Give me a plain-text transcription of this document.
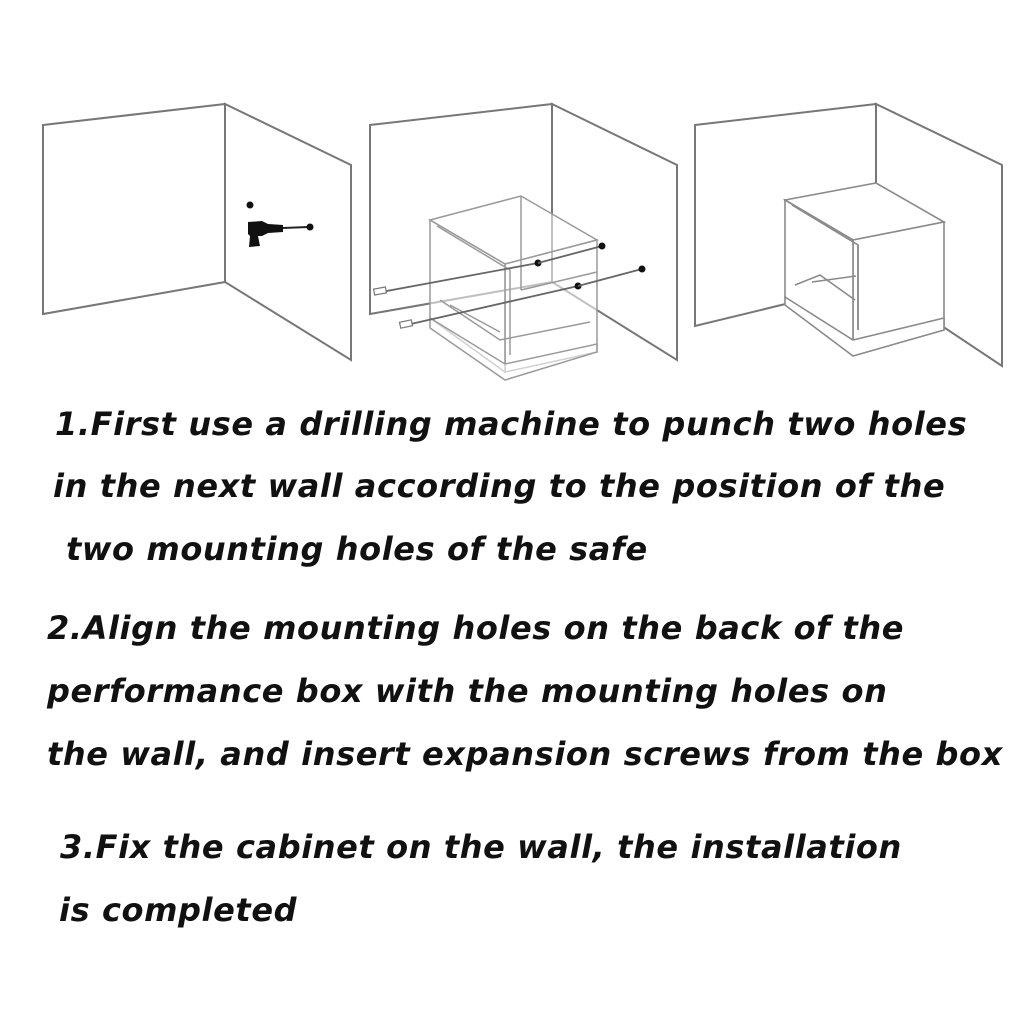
1.First use a drilling machine to punch two holes

in the next wall according to the position of the

two mounting holes of the safe

2.Align the mounting holes on the back of the

performance box with the mounting holes on

the wall, and insert expansion screws from the box

3.Fix the cabinet on the wall, the installation

is completed
